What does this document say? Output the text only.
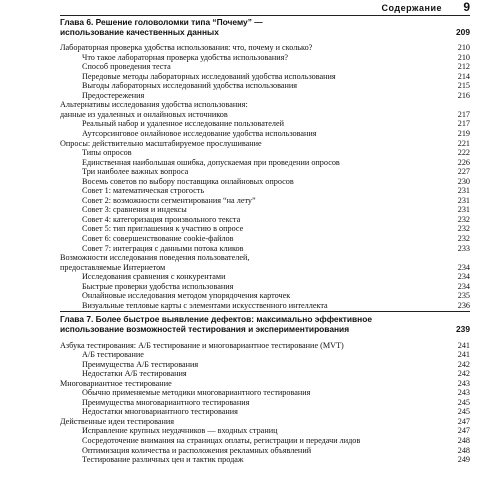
Содержание 9
Глава 6. Решение головоломки типа “Почему” —
использование качественных данных	209
Лабораторная проверка удобства использования: что, почему и сколько?	210
Что такое лабораторная проверка удобства использования?	210
Способ проведения теста	212
Передовые методы лабораторных исследований удобства использования	214
Выгоды лабораторных исследований удобства использования	215
Предостережения	216
Альтернативы исследования удобства использования:
данные из удаленных и онлайновых источников	217
Реальный набор и удаленное исследование пользователей	217
Аутсорсинговое онлайновое исследование удобства использования	219
Опросы: действительно масштабируемое прослушивание	221
Типы опросов	222
Единственная наибольшая ошибка, допускаемая при проведении опросов	226
Три наиболее важных вопроса	227
Восемь советов по выбору поставщика онлайновых опросов	230
Совет 1: математическая строгость	231
Совет 2: возможности сегментирования “на лету”	231
Совет 3: сравнения и индексы	231
Совет 4: категоризация произвольного текста	232
Совет 5: тип приглашения к участию в опросе	232
Совет 6: совершенствование cookie-файлов	232
Совет 7: интеграция с данными потока кликов	233
Возможности исследования поведения пользователей,
предоставляемые Интернетом	234
Исследования сравнения с конкурентами	234
Быстрые проверки удобства использования	234
Онлайновые исследования методом упорядочения карточек	235
Визуальные тепловые карты с элементами искусственного интеллекта	236
Глава 7. Более быстрое выявление дефектов: максимально эффективное
использование возможностей тестирования и экспериментирования	239
Азбука тестирования: А/Б тестирование и многовариантное тестирование (MVT)	241
А/Б тестирование	241
Преимущества А/Б тестирования	242
Недостатки А/Б тестирования	242
Многовариантное тестирование	243
Обычно применяемые методики многовариантного тестирования	243
Преимущества многовариантного тестирования	245
Недостатки многовариантного тестирования	245
Действенные идеи тестирования	247
Исправление крупных неудачников — входных страниц	247
Сосредоточение внимания на страницах оплаты, регистрации и передачи лидов	248
Оптимизация количества и расположения рекламных объявлений	248
Тестирование различных цен и тактик продаж	249
